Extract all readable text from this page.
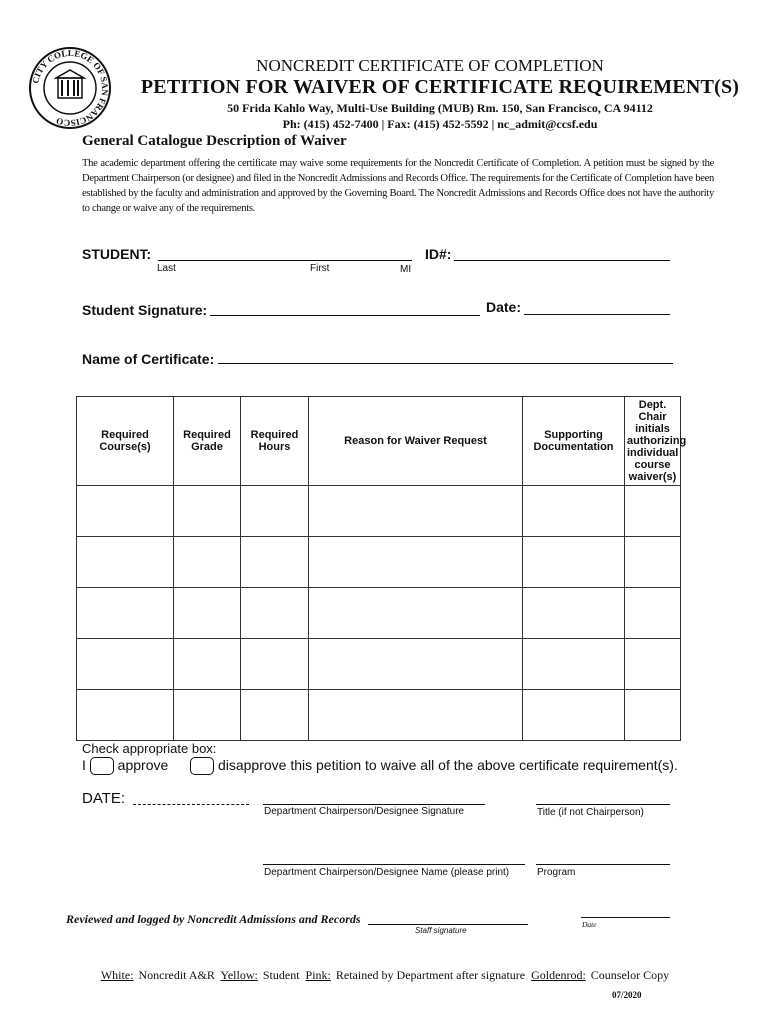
CITY COLLEGE OF SAN FRANCISCO
NONCREDIT CERTIFICATE OF COMPLETION
PETITION FOR WAIVER OF CERTIFICATE REQUIREMENT(S)
50 Frida Kahlo Way, Multi-Use Building (MUB) Rm. 150, San Francisco, CA 94112
Ph: (415) 452-7400 | Fax: (415) 452-5592 | nc_admit@ccsf.edu
General Catalogue Description of Waiver
The academic department offering the certificate may waive some requirements for the Noncredit Certificate of Completion. A petition must be signed by the Department Chairperson (or designee) and filed in the Noncredit Admissions and Records Office. The requirements for the Certificate of Completion have been established by the faculty and administration and approved by the Governing Board. The Noncredit Admissions and Records Office does not have the authority to change or waive any of the requirements.
STUDENT:
Last	First	MI
ID#:
Student Signature:	Date:
Name of Certificate:
Required Course(s)	Required Grade	Required Hours	Reason for Waiver Request	Supporting Documentation	Dept. Chair initials authorizing individual course waiver(s)

Check appropriate box:
I approve	disapprove this petition to waive all of the above certificate requirement(s).
DATE:
Department Chairperson/Designee Signature	Title (if not Chairperson)
Department Chairperson/Designee Name (please print)	Program
Reviewed and logged by Noncredit Admissions and Records
Staff signature
Date
White: Noncredit A&R Yellow: Student Pink: Retained by Department after signature Goldenrod: Counselor Copy
07/2020
